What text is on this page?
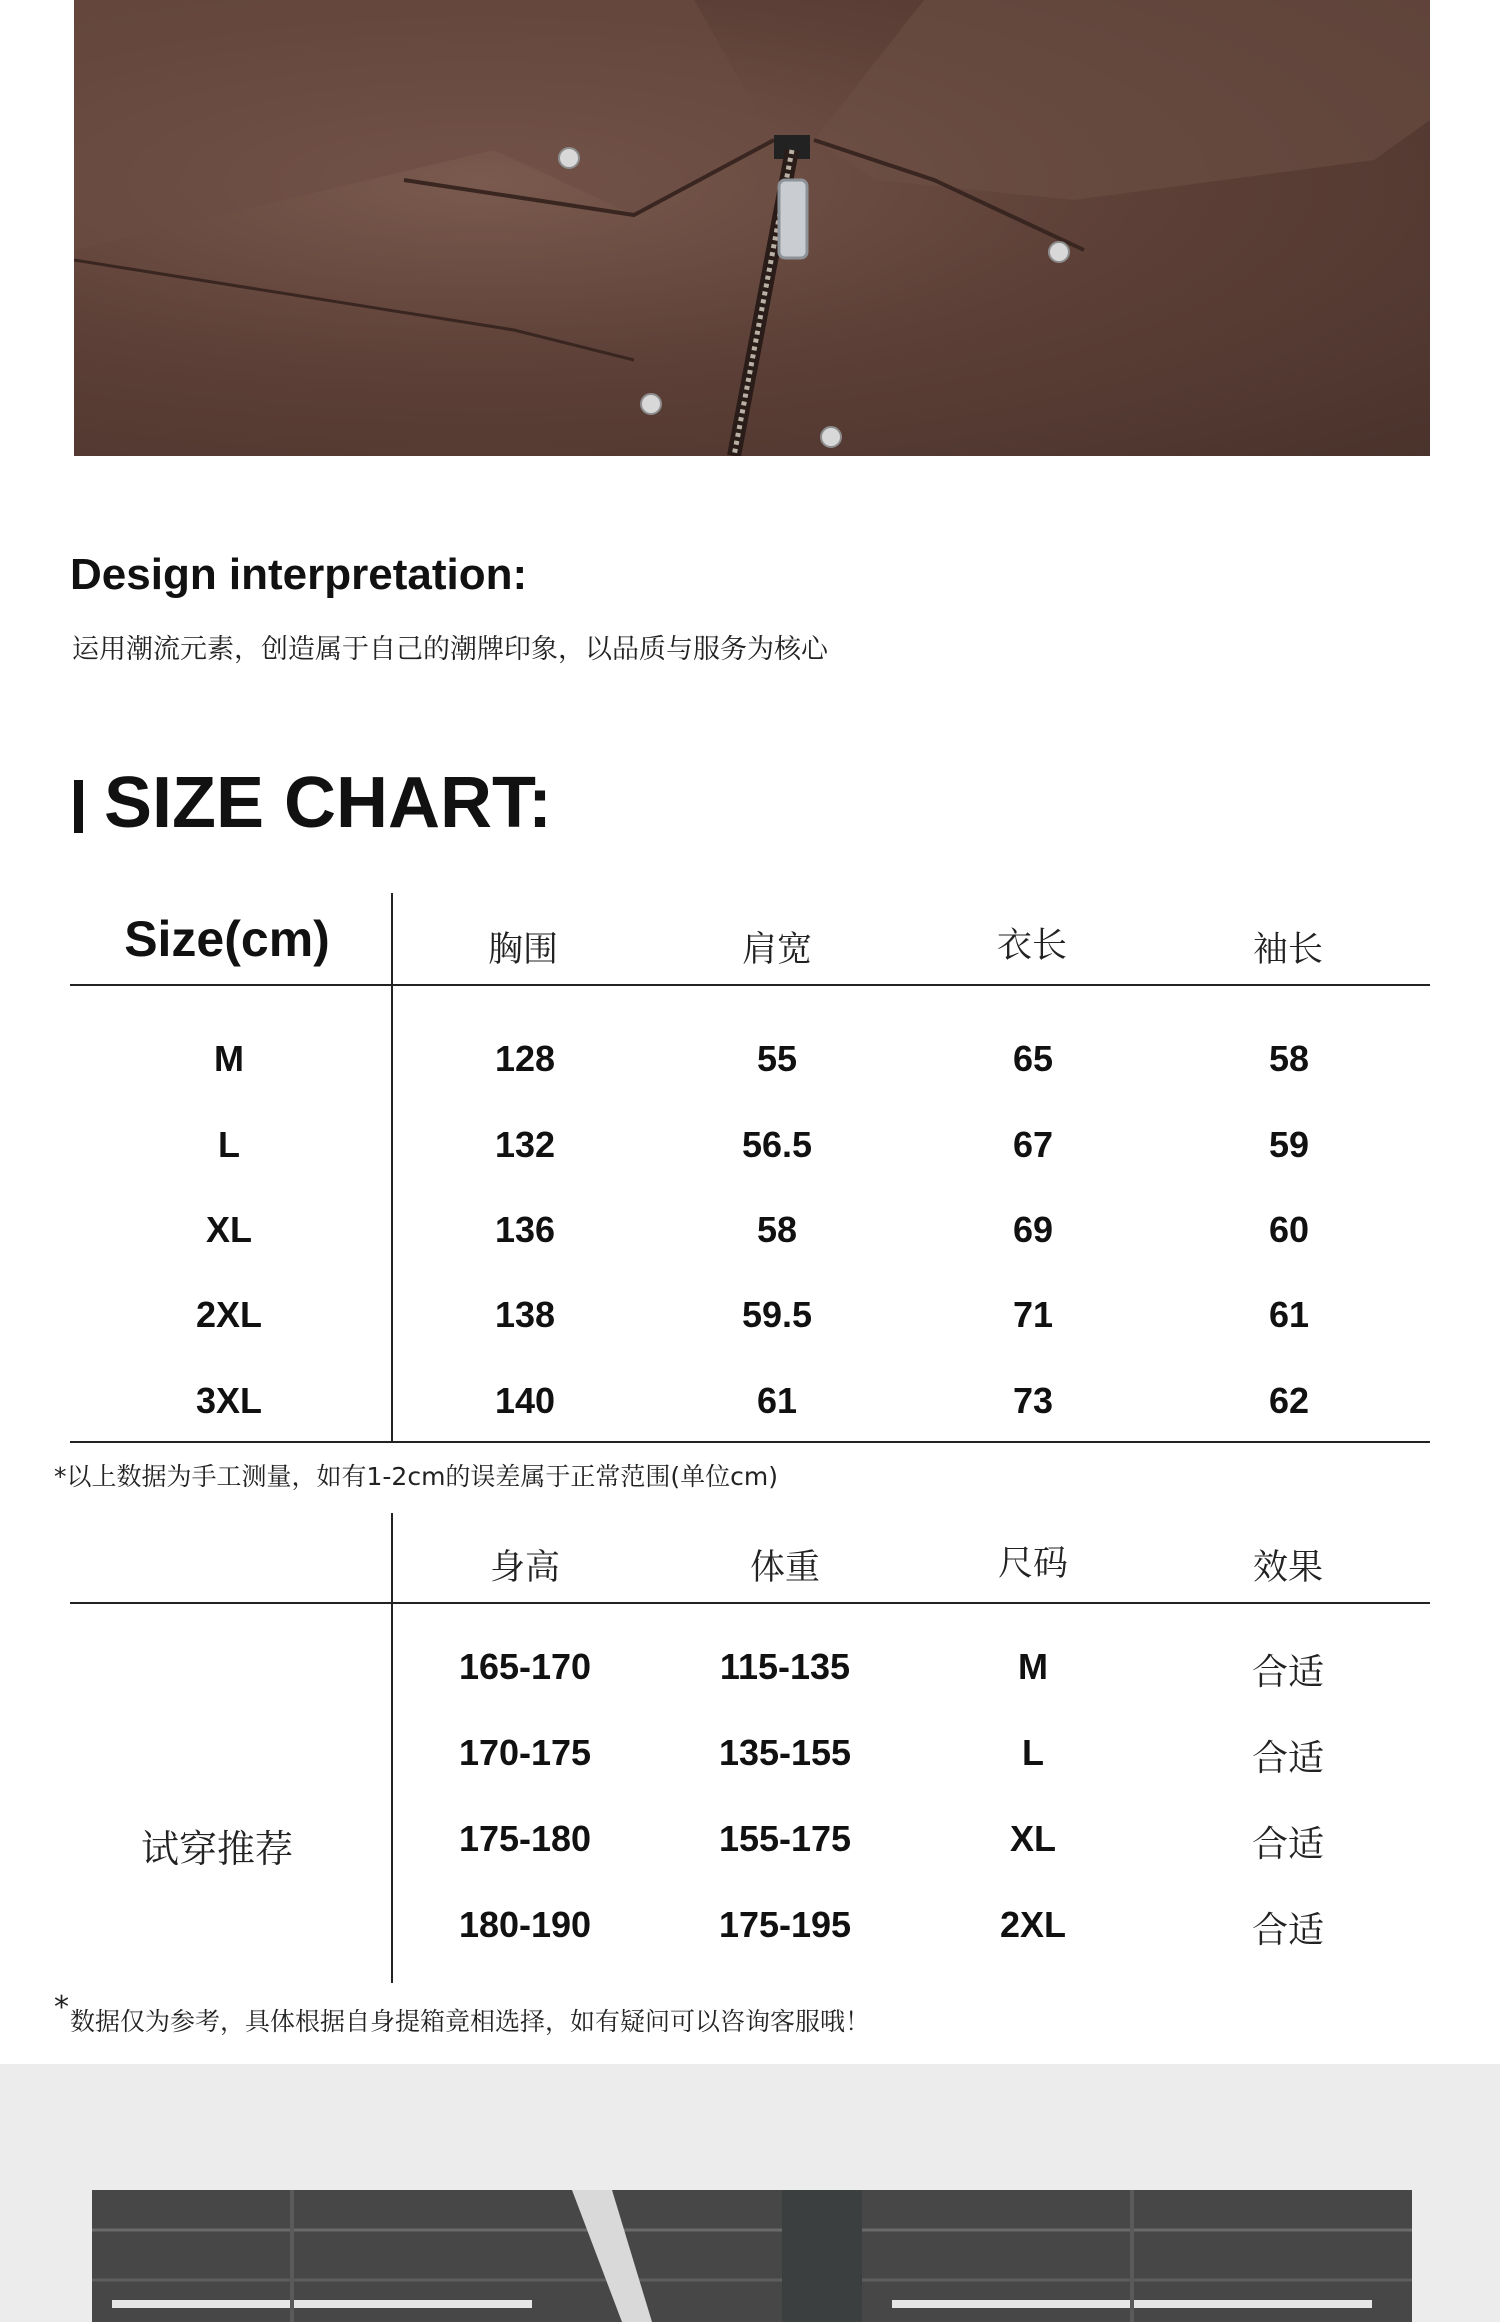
Design interpretation:
运用潮流元素，创造属于自己的潮牌印象，以品质与服务为核心
SIZE CHART:
Size(cm)	胸围	肩宽	衣长	袖长
M	128	55	65	58
L	132	56.5	67	59
XL	136	58	69	60
2XL	138	59.5	71	61
3XL	140	61	73	62
*以上数据为手工测量，如有1-2cm的误差属于正常范围(单位cm)
身高	体重	尺码	效果
试穿推荐
165-170	115-135	M	合适
170-175	135-155	L	合适
175-180	155-175	XL	合适
180-190	175-195	2XL	合适
* 数据仅为参考，具体根据自身提箱竟相选择，如有疑问可以咨询客服哦！
